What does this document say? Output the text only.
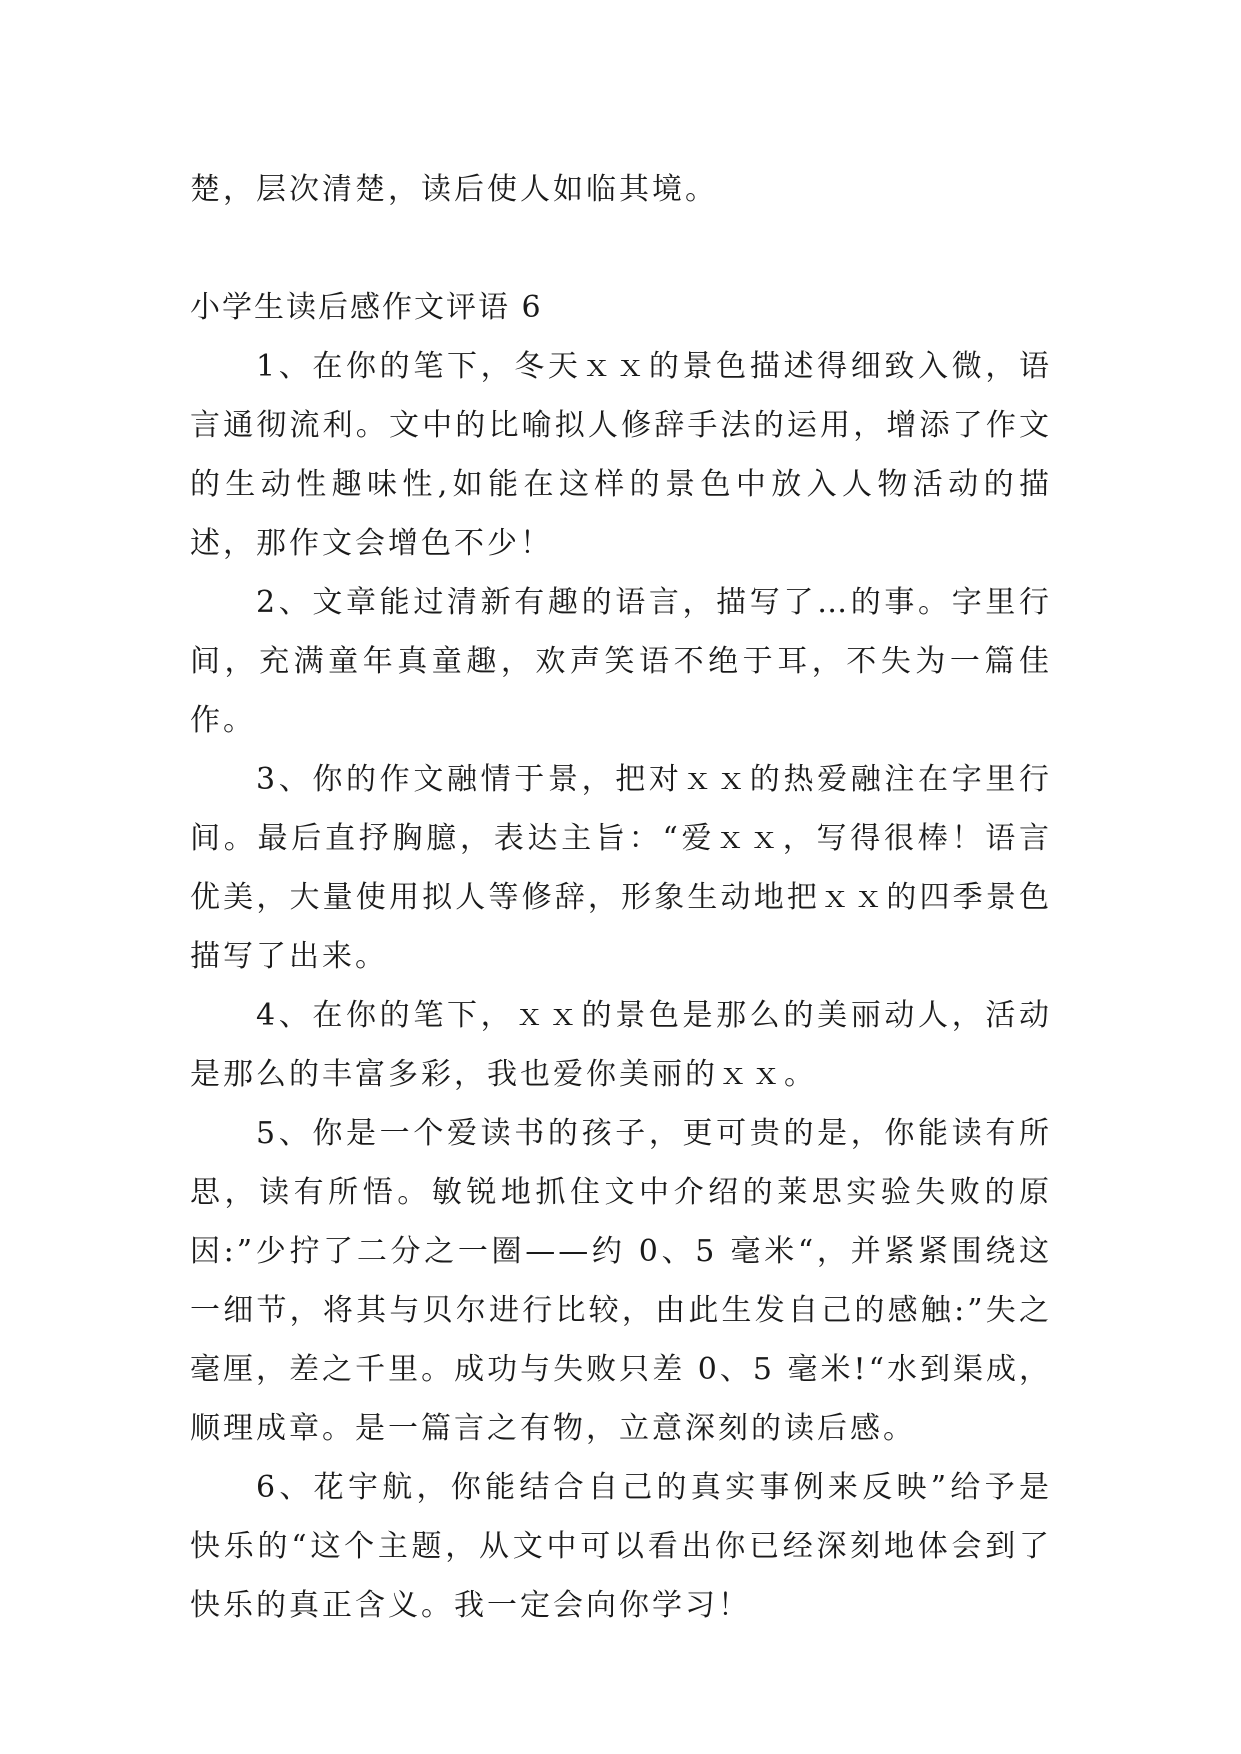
楚，层次清楚，读后使人如临其境。

小学生读后感作文评语 6

1、在你的笔下，冬天ｘｘ的景色描述得细致入微，语言通彻流利。文中的比喻拟人修辞手法的运用，增添了作文的生动性趣味性,如能在这样的景色中放入人物活动的描述，那作文会增色不少！

2、文章能过清新有趣的语言，描写了…的事。字里行间，充满童年真童趣，欢声笑语不绝于耳，不失为一篇佳作。

3、你的作文融情于景，把对ｘｘ的热爱融注在字里行间。最后直抒胸臆，表达主旨：“爱ｘｘ，写得很棒！语言优美，大量使用拟人等修辞，形象生动地把ｘｘ的四季景色描写了出来。

4、在你的笔下，ｘｘ的景色是那么的美丽动人，活动是那么的丰富多彩，我也爱你美丽的ｘｘ。

5、你是一个爱读书的孩子，更可贵的是，你能读有所思，读有所悟。敏锐地抓住文中介绍的莱思实验失败的原因:”少拧了二分之一圈——约 0、5 毫米“，并紧紧围绕这一细节，将其与贝尔进行比较，由此生发自己的感触:”失之毫厘，差之千里。成功与失败只差 0、5 毫米!“水到渠成，顺理成章。是一篇言之有物，立意深刻的读后感。

6、花宇航，你能结合自己的真实事例来反映”给予是快乐的“这个主题，从文中可以看出你已经深刻地体会到了快乐的真正含义。我一定会向你学习！
